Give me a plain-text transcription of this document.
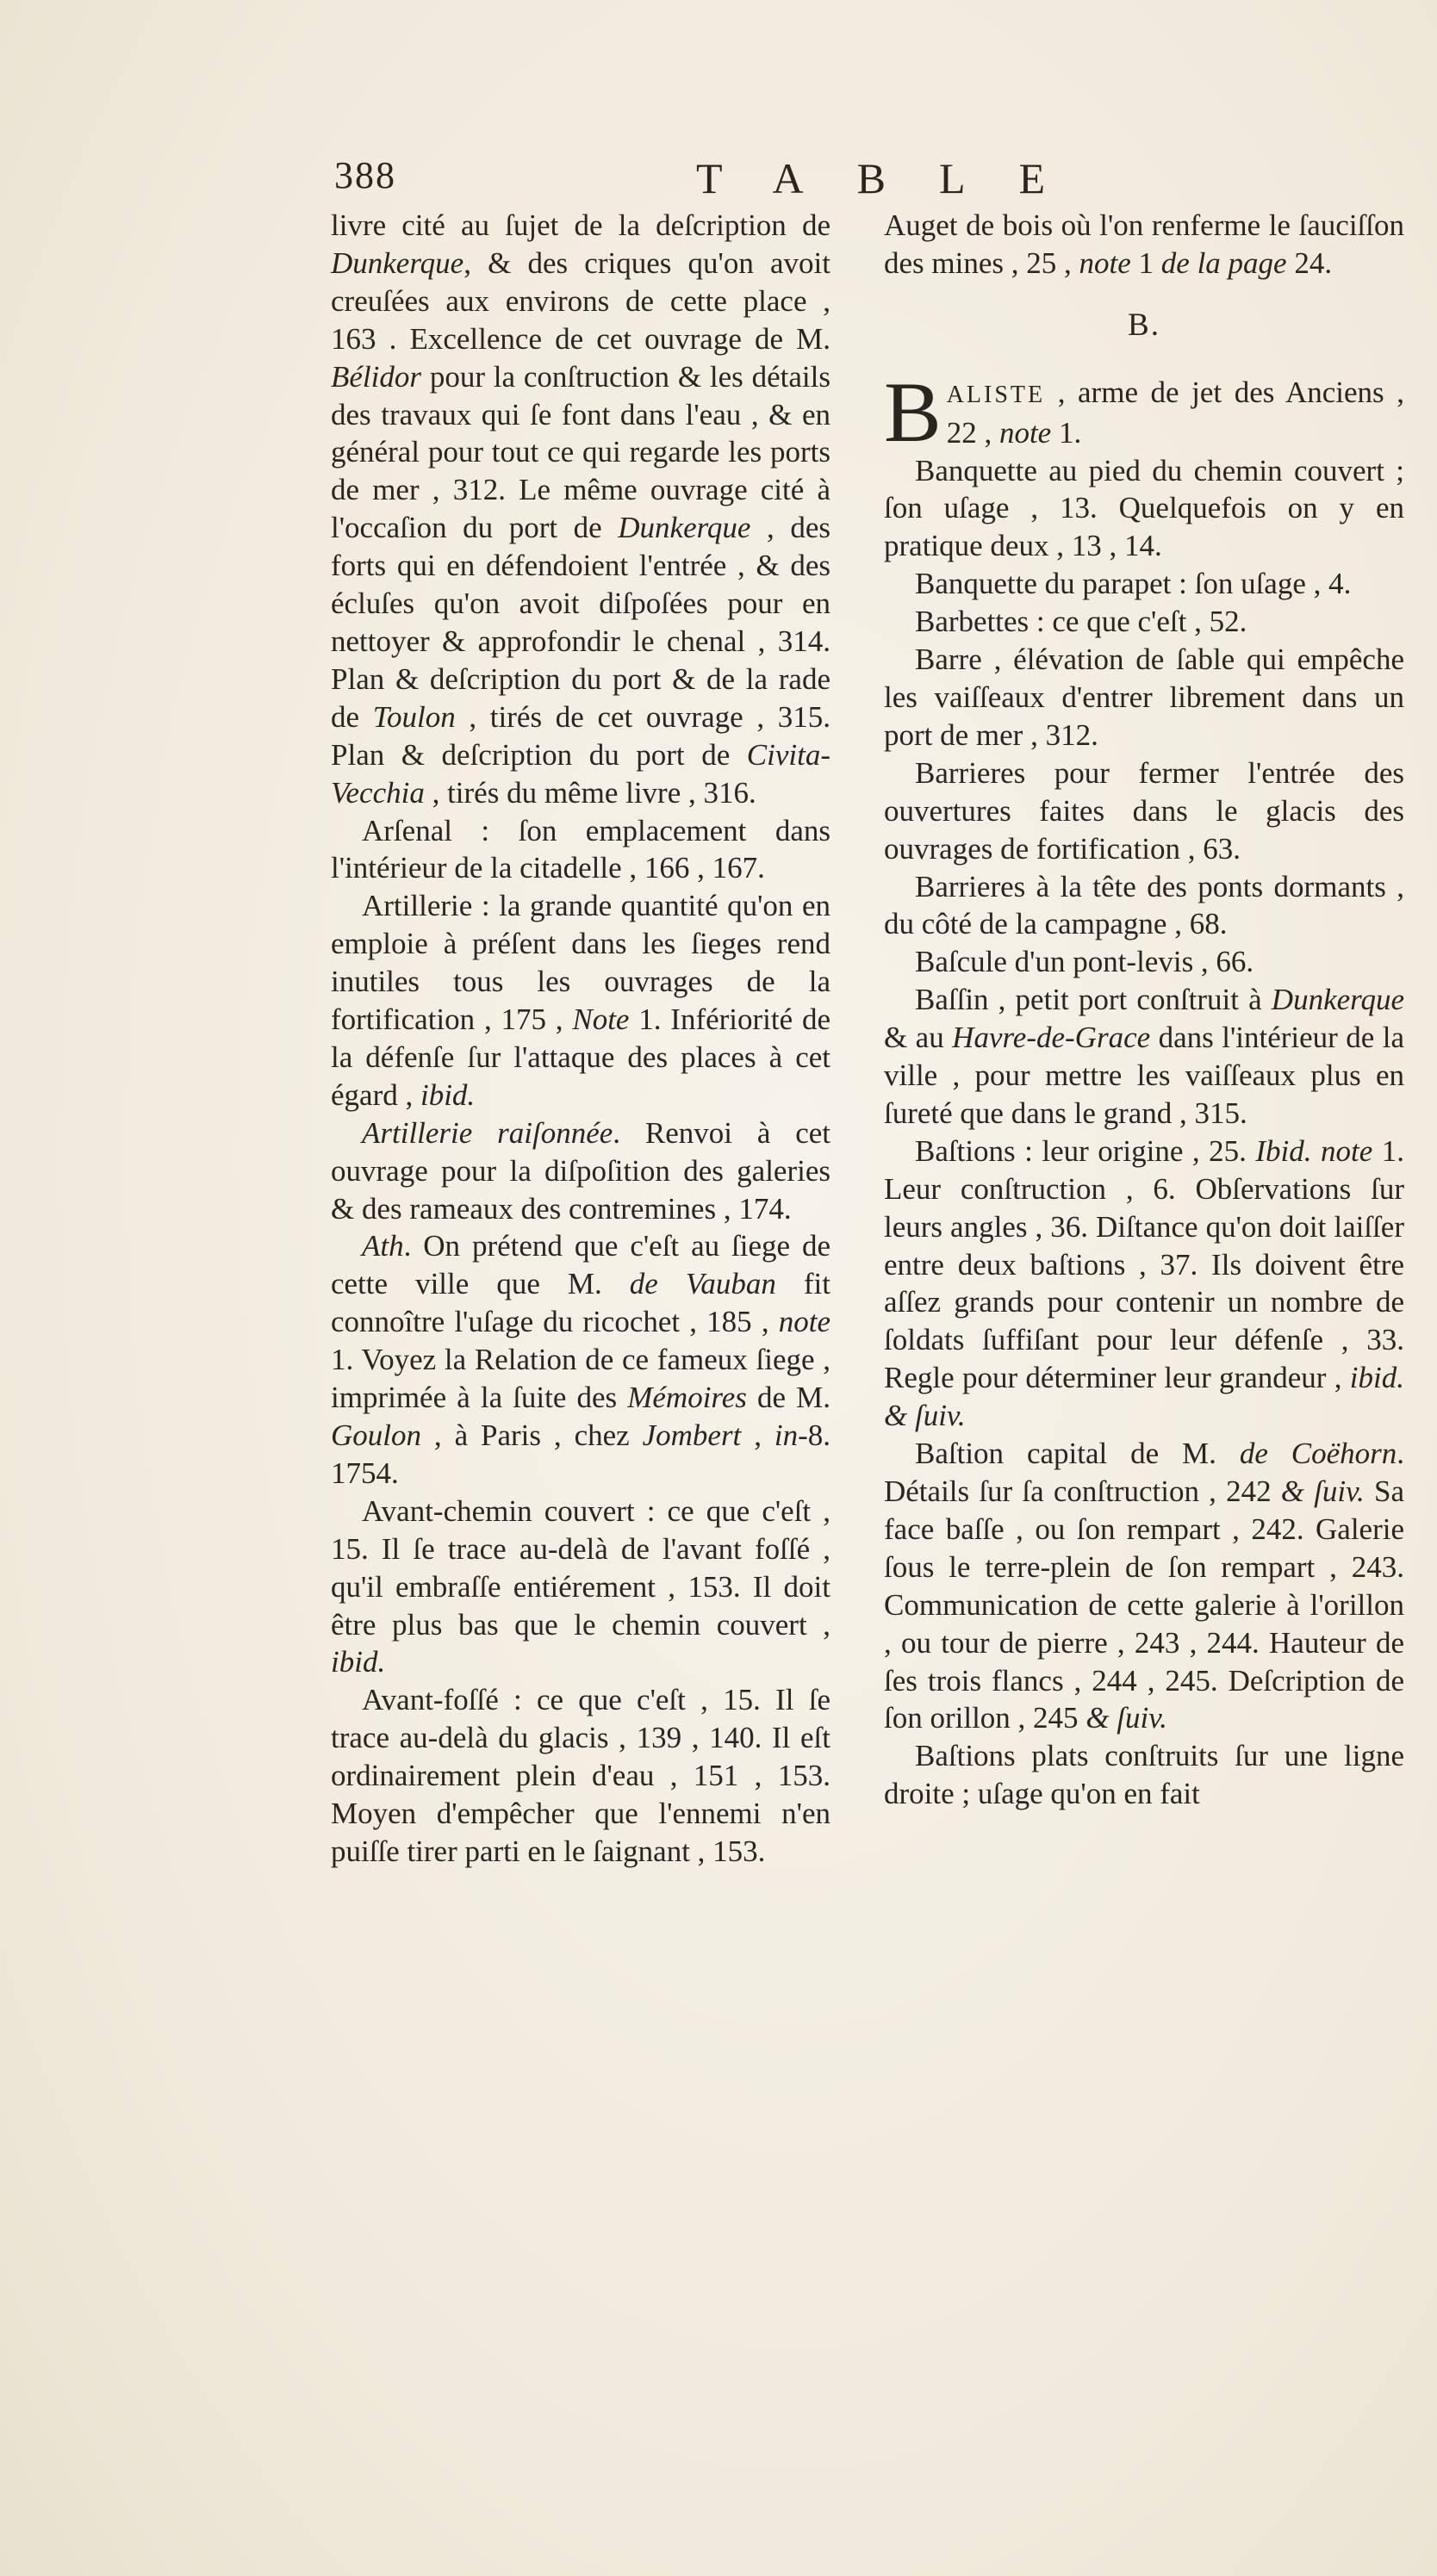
388	TABLE

livre cité au ſujet de la deſcription de Dunkerque, & des criques qu'on avoit creuſées aux environs de cette place , 163 . Excellence de cet ouvrage de M. Bélidor pour la conſtruction & les détails des travaux qui ſe font dans l'eau , & en général pour tout ce qui regarde les ports de mer , 312. Le même ouvrage cité à l'occaſion du port de Dunkerque , des forts qui en défendoient l'entrée , & des écluſes qu'on avoit diſpoſées pour en nettoyer & approfondir le chenal , 314. Plan & deſcription du port & de la rade de Toulon , tirés de cet ouvrage , 315. Plan & deſcription du port de Civita-Vecchia , tirés du même livre , 316.

Arſenal : ſon emplacement dans l'intérieur de la citadelle , 166 , 167.

Artillerie : la grande quantité qu'on en emploie à préſent dans les ſieges rend inutiles tous les ouvrages de la fortification , 175 , Note 1. Infériorité de la défenſe ſur l'attaque des places à cet égard , ibid.

Artillerie raiſonnée. Renvoi à cet ouvrage pour la diſpoſition des galeries & des rameaux des contremines , 174.

Ath. On prétend que c'eſt au ſiege de cette ville que M. de Vauban fit connoître l'uſage du ricochet , 185 , note 1. Voyez la Relation de ce fameux ſiege , imprimée à la ſuite des Mémoires de M. Goulon , à Paris , chez Jombert , in-8. 1754.

Avant-chemin couvert : ce que c'eſt , 15. Il ſe trace au-delà de l'avant foſſé , qu'il embraſſe entiérement , 153. Il doit être plus bas que le chemin couvert , ibid.

Avant-foſſé : ce que c'eſt , 15. Il ſe trace au-delà du glacis , 139 , 140. Il eſt ordinairement plein d'eau , 151 , 153. Moyen d'empêcher que l'ennemi n'en puiſſe tirer parti en le ſaignant , 153.

Auget de bois où l'on renferme le ſauciſſon des mines , 25 , note 1 de la page 24.

B.

BALISTE , arme de jet des Anciens , 22 , note 1.

Banquette au pied du chemin couvert ; ſon uſage , 13. Quelquefois on y en pratique deux , 13 , 14.

Banquette du parapet : ſon uſage , 4.

Barbettes : ce que c'eſt , 52.

Barre , élévation de ſable qui empêche les vaiſſeaux d'entrer librement dans un port de mer , 312.

Barrieres pour fermer l'entrée des ouvertures faites dans le glacis des ouvrages de fortification , 63.

Barrieres à la tête des ponts dormants , du côté de la campagne , 68.

Baſcule d'un pont-levis , 66.

Baſſin , petit port conſtruit à Dunkerque & au Havre-de-Grace dans l'intérieur de la ville , pour mettre les vaiſſeaux plus en ſureté que dans le grand , 315.

Baſtions : leur origine , 25. Ibid. note 1. Leur conſtruction , 6. Obſervations ſur leurs angles , 36. Diſtance qu'on doit laiſſer entre deux baſtions , 37. Ils doivent être aſſez grands pour contenir un nombre de ſoldats ſuffiſant pour leur défenſe , 33. Regle pour déterminer leur grandeur , ibid. & ſuiv.

Baſtion capital de M. de Coëhorn. Détails ſur ſa conſtruction , 242 & ſuiv. Sa face baſſe , ou ſon rempart , 242. Galerie ſous le terre-plein de ſon rempart , 243. Communication de cette galerie à l'orillon , ou tour de pierre , 243 , 244. Hauteur de ſes trois flancs , 244 , 245. Deſcription de ſon orillon , 245 & ſuiv.

Baſtions plats conſtruits ſur une ligne droite ; uſage qu'on en fait
